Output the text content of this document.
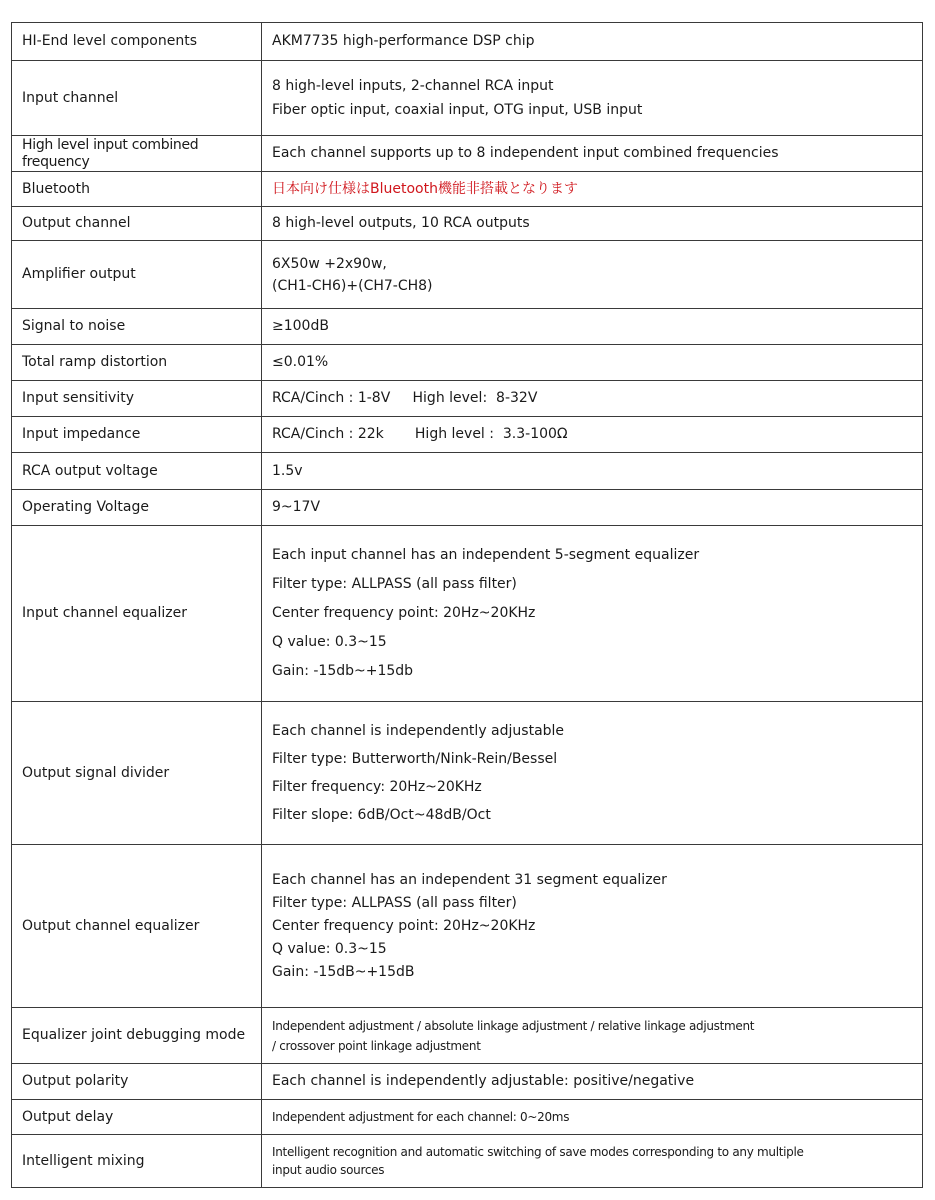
HI-End level components	AKM7735 high-performance DSP chip

Input channel	8 high-level inputs, 2-channel RCA input
Fiber optic input, coaxial input, OTG input, USB input

High level input combined frequency	Each channel supports up to 8 independent input combined frequencies

Bluetooth	日本向け仕様はBluetooth機能非搭載となります

Output channel	8 high-level outputs, 10 RCA outputs

Amplifier output	6X50w +2x90w,
(CH1-CH6)+(CH7-CH8)

Signal to noise	≥100dB

Total ramp distortion	≤0.01%

Input sensitivity	RCA/Cinch : 1-8V     High level:  8-32V

Input impedance	RCA/Cinch : 22k       High level :  3.3-100Ω

RCA output voltage	1.5v

Operating Voltage	9~17V

Input channel equalizer	Each input channel has an independent 5-segment equalizer
Filter type: ALLPASS (all pass filter)
Center frequency point: 20Hz~20KHz
Q value: 0.3~15
Gain: -15db~+15db

Output signal divider	Each channel is independently adjustable
Filter type: Butterworth/Nink-Rein/Bessel
Filter frequency: 20Hz~20KHz
Filter slope: 6dB/Oct~48dB/Oct

Output channel equalizer	Each channel has an independent 31 segment equalizer
Filter type: ALLPASS (all pass filter)
Center frequency point: 20Hz~20KHz
Q value: 0.3~15
Gain: -15dB~+15dB

Equalizer joint debugging mode	Independent adjustment / absolute linkage adjustment / relative linkage adjustment
/ crossover point linkage adjustment

Output polarity	Each channel is independently adjustable: positive/negative

Output delay	Independent adjustment for each channel: 0~20ms

Intelligent mixing	Intelligent recognition and automatic switching of save modes corresponding to any multiple
input audio sources
